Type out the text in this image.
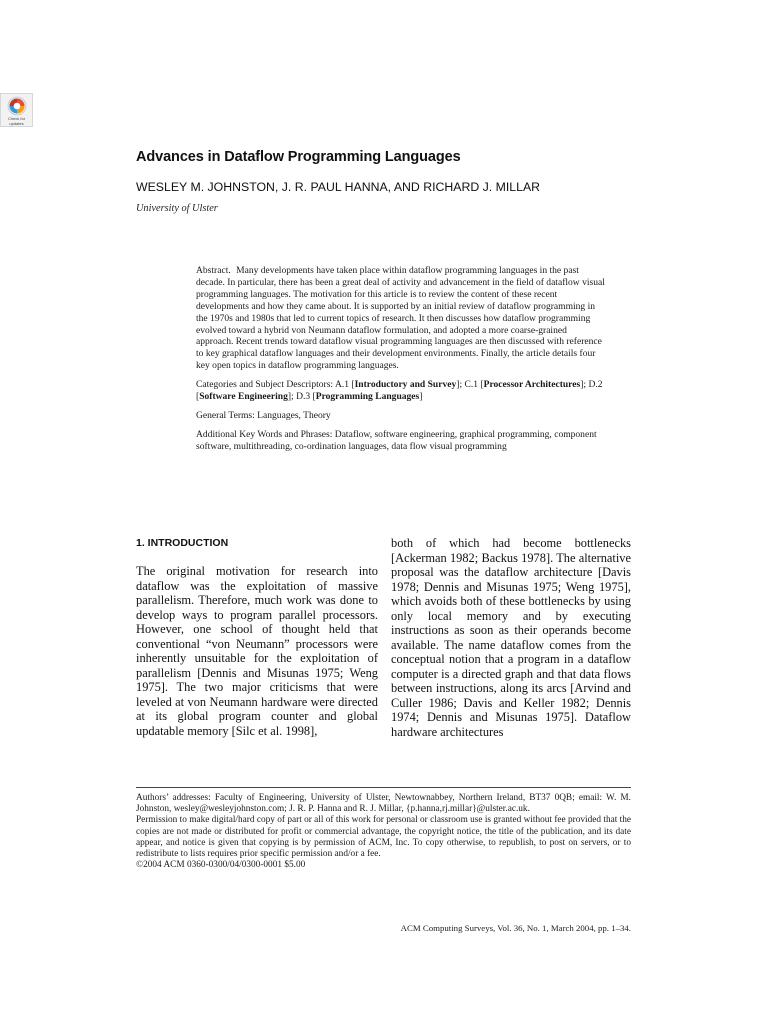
Check for updates
Advances in Dataflow Programming Languages

WESLEY M. JOHNSTON, J. R. PAUL HANNA, AND RICHARD J. MILLAR

University of Ulster

Abstract. Many developments have taken place within dataflow programming languages in the past decade. In particular, there has been a great deal of activity and advancement in the field of dataflow visual programming languages. The motivation for this article is to review the content of these recent developments and how they came about. It is supported by an initial review of dataflow programming in the 1970s and 1980s that led to current topics of research. It then discusses how dataflow programming evolved toward a hybrid von Neumann dataflow formulation, and adopted a more coarse-grained approach. Recent trends toward dataflow visual programming languages are then discussed with reference to key graphical dataflow languages and their development environments. Finally, the article details four key open topics in dataflow programming languages.

Categories and Subject Descriptors: A.1 [Introductory and Survey]; C.1 [Processor Architectures]; D.2 [Software Engineering]; D.3 [Programming Languages]

General Terms: Languages, Theory

Additional Key Words and Phrases: Dataflow, software engineering, graphical programming, component software, multithreading, co-ordination languages, data flow visual programming

1. INTRODUCTION

The original motivation for research into dataflow was the exploitation of massive parallelism. Therefore, much work was done to develop ways to program parallel processors. However, one school of thought held that conventional “von Neumann” processors were inherently unsuitable for the exploitation of parallelism [Dennis and Misunas 1975; Weng 1975]. The two major criticisms that were leveled at von Neumann hardware were directed at its global program counter and global updatable memory [Silc et al. 1998],

both of which had become bottlenecks [Ackerman 1982; Backus 1978]. The alternative proposal was the dataflow architecture [Davis 1978; Dennis and Misunas 1975; Weng 1975], which avoids both of these bottlenecks by using only local memory and by executing instructions as soon as their operands become available. The name dataflow comes from the conceptual notion that a program in a dataflow computer is a directed graph and that data flows between instructions, along its arcs [Arvind and Culler 1986; Davis and Keller 1982; Dennis 1974; Dennis and Misunas 1975]. Dataflow hardware architectures

Authors’ addresses: Faculty of Engineering, University of Ulster, Newtownabbey, Northern Ireland, BT37 0QB; email: W. M. Johnston, wesley@wesleyjohnston.com; J. R. P. Hanna and R. J. Millar, {p.hanna,rj.millar}@ulster.ac.uk.

Permission to make digital/hard copy of part or all of this work for personal or classroom use is granted without fee provided that the copies are not made or distributed for profit or commercial advantage, the copyright notice, the title of the publication, and its date appear, and notice is given that copying is by permission of ACM, Inc. To copy otherwise, to republish, to post on servers, or to redistribute to lists requires prior specific permission and/or a fee.

©2004 ACM 0360-0300/04/0300-0001 $5.00

ACM Computing Surveys, Vol. 36, No. 1, March 2004, pp. 1–34.
